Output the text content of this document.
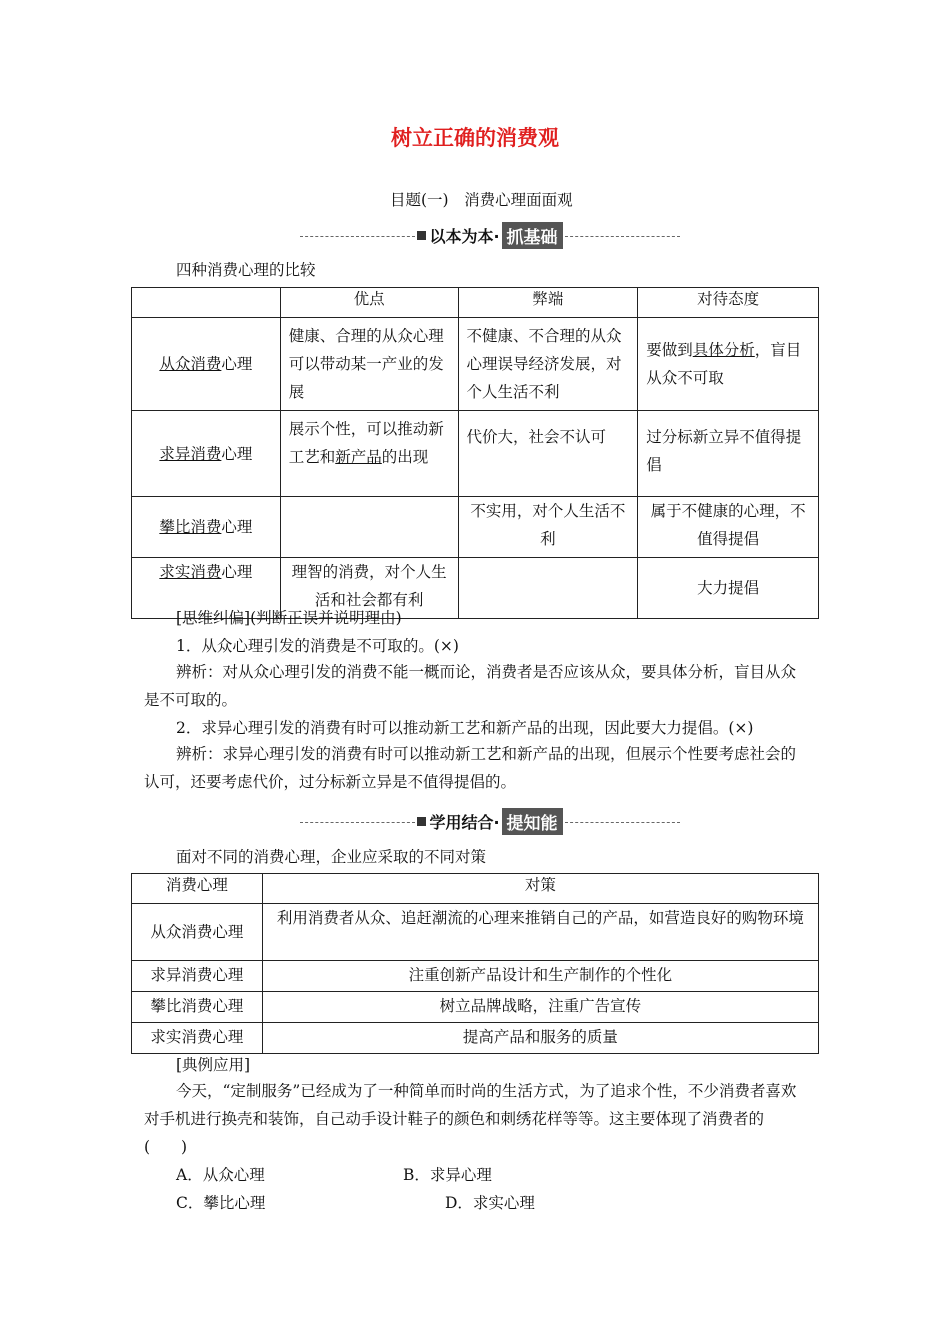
树立正确的消费观
目题(一)　消费心理面面观
以本为本· 抓基础
四种消费心理的比较
	优点	弊端	对待态度
从众消费心理	健康、合理的从众心理可以带动某一产业的发展	不健康、不合理的从众心理误导经济发展，对个人生活不利	要做到具体分析，盲目从众不可取
求异消费心理	展示个性，可以推动新工艺和新产品的出现	代价大，社会不认可	过分标新立异不值得提倡
攀比消费心理		不实用，对个人生活不利	属于不健康的心理，不值得提倡
求实消费心理	理智的消费，对个人生活和社会都有利		大力提倡
[思维纠偏](判断正误并说明理由)
1．从众心理引发的消费是不可取的。(×)
辨析：对从众心理引发的消费不能一概而论，消费者是否应该从众，要具体分析，盲目从众是不可取的。
2．求异心理引发的消费有时可以推动新工艺和新产品的出现，因此要大力提倡。(×)
辨析：求异心理引发的消费有时可以推动新工艺和新产品的出现，但展示个性要考虑社会的认可，还要考虑代价，过分标新立异是不值得提倡的。
学用结合· 提知能
面对不同的消费心理，企业应采取的不同对策
消费心理	对策
从众消费心理	利用消费者从众、追赶潮流的心理来推销自己的产品，如营造良好的购物环境
求异消费心理	注重创新产品设计和生产制作的个性化
攀比消费心理	树立品牌战略，注重广告宣传
求实消费心理	提高产品和服务的质量
[典例应用]
今天，“定制服务”已经成为了一种简单而时尚的生活方式，为了追求个性，不少消费者喜欢对手机进行换壳和装饰，自己动手设计鞋子的颜色和刺绣花样等等。这主要体现了消费者的(　　)
A．从众心理	B．求异心理
C．攀比心理	D．求实心理
